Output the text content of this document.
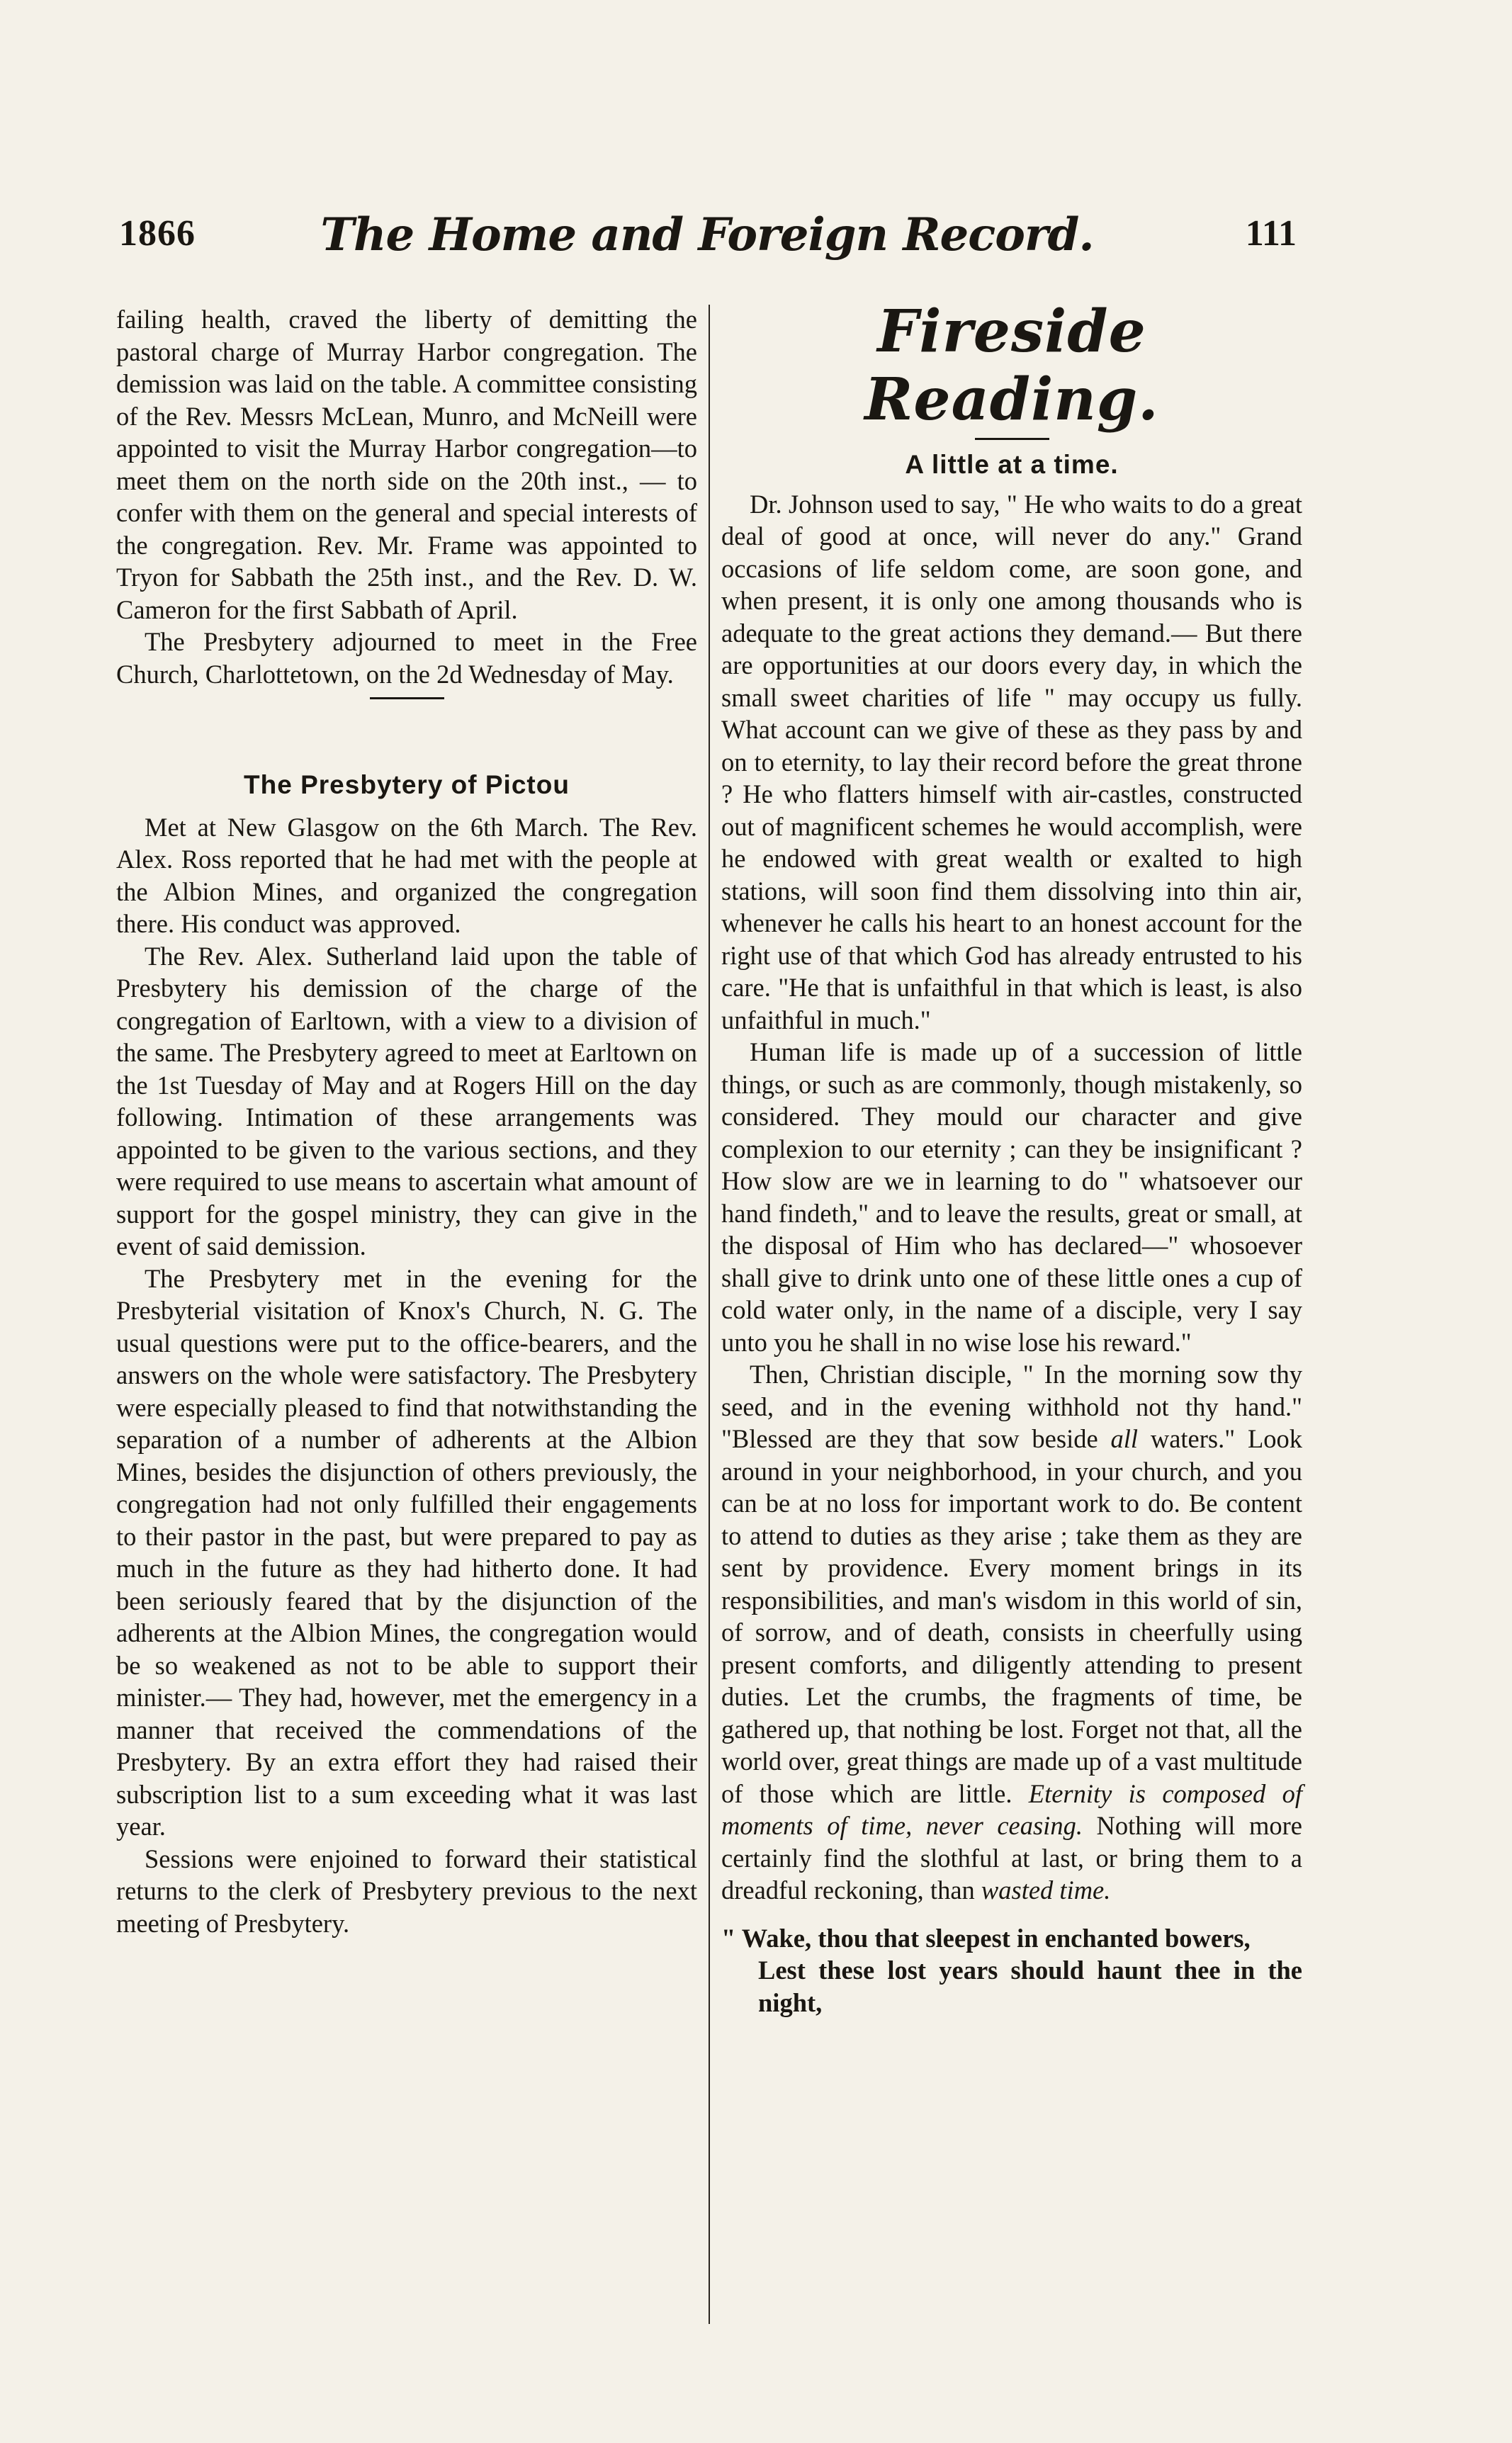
1866	The Home and Foreign Record.	111

failing health, craved the liberty of demitting the pastoral charge of Murray Harbor congregation. The demission was laid on the table. A committee consisting of the Rev. Messrs McLean, Munro, and McNeill were appointed to visit the Murray Harbor congregation—to meet them on the north side on the 20th inst., — to confer with them on the general and special interests of the congregation. Rev. Mr. Frame was appointed to Tryon for Sabbath the 25th inst., and the Rev. D. W. Cameron for the first Sabbath of April.

The Presbytery adjourned to meet in the Free Church, Charlottetown, on the 2d Wednesday of May.

The Presbytery of Pictou

Met at New Glasgow on the 6th March. The Rev. Alex. Ross reported that he had met with the people at the Albion Mines, and organized the congregation there. His conduct was approved.

The Rev. Alex. Sutherland laid upon the table of Presbytery his demission of the charge of the congregation of Earltown, with a view to a division of the same. The Presbytery agreed to meet at Earltown on the 1st Tuesday of May and at Rogers Hill on the day following. Intimation of these arrangements was appointed to be given to the various sections, and they were required to use means to ascertain what amount of support for the gospel ministry, they can give in the event of said demission.

The Presbytery met in the evening for the Presbyterial visitation of Knox's Church, N. G. The usual questions were put to the office-bearers, and the answers on the whole were satisfactory. The Presbytery were especially pleased to find that notwithstanding the separation of a number of adherents at the Albion Mines, besides the disjunction of others previously, the congregation had not only fulfilled their engagements to their pastor in the past, but were prepared to pay as much in the future as they had hitherto done. It had been seriously feared that by the disjunction of the adherents at the Albion Mines, the congregation would be so weakened as not to be able to support their minister.— They had, however, met the emergency in a manner that received the commendations of the Presbytery. By an extra effort they had raised their subscription list to a sum exceeding what it was last year.

Sessions were enjoined to forward their statistical returns to the clerk of Presbytery previous to the next meeting of Presbytery.

Fireside Reading.
A little at a time.

Dr. Johnson used to say, " He who waits to do a great deal of good at once, will never do any." Grand occasions of life seldom come, are soon gone, and when present, it is only one among thousands who is adequate to the great actions they demand.— But there are opportunities at our doors every day, in which the small sweet charities of life " may occupy us fully. What account can we give of these as they pass by and on to eternity, to lay their record before the great throne ? He who flatters himself with air-castles, constructed out of magnificent schemes he would accomplish, were he endowed with great wealth or exalted to high stations, will soon find them dissolving into thin air, whenever he calls his heart to an honest account for the right use of that which God has already entrusted to his care. "He that is unfaithful in that which is least, is also unfaithful in much."

Human life is made up of a succession of little things, or such as are commonly, though mistakenly, so considered. They mould our character and give complexion to our eternity ; can they be insignificant ? How slow are we in learning to do " whatsoever our hand findeth," and to leave the results, great or small, at the disposal of Him who has declared—" whosoever shall give to drink unto one of these little ones a cup of cold water only, in the name of a disciple, very I say unto you he shall in no wise lose his reward."

Then, Christian disciple, " In the morning sow thy seed, and in the evening withhold not thy hand." "Blessed are they that sow beside all waters." Look around in your neighborhood, in your church, and you can be at no loss for important work to do. Be content to attend to duties as they arise ; take them as they are sent by providence. Every moment brings in its responsibilities, and man's wisdom in this world of sin, of sorrow, and of death, consists in cheerfully using present comforts, and diligently attending to present duties. Let the crumbs, the fragments of time, be gathered up, that nothing be lost. Forget not that, all the world over, great things are made up of a vast multitude of those which are little. Eternity is composed of moments of time, never ceasing. Nothing will more certainly find the slothful at last, or bring them to a dreadful reckoning, than wasted time.

" Wake, thou that sleepest in enchanted bowers,

Lest these lost years should haunt thee in the night,
